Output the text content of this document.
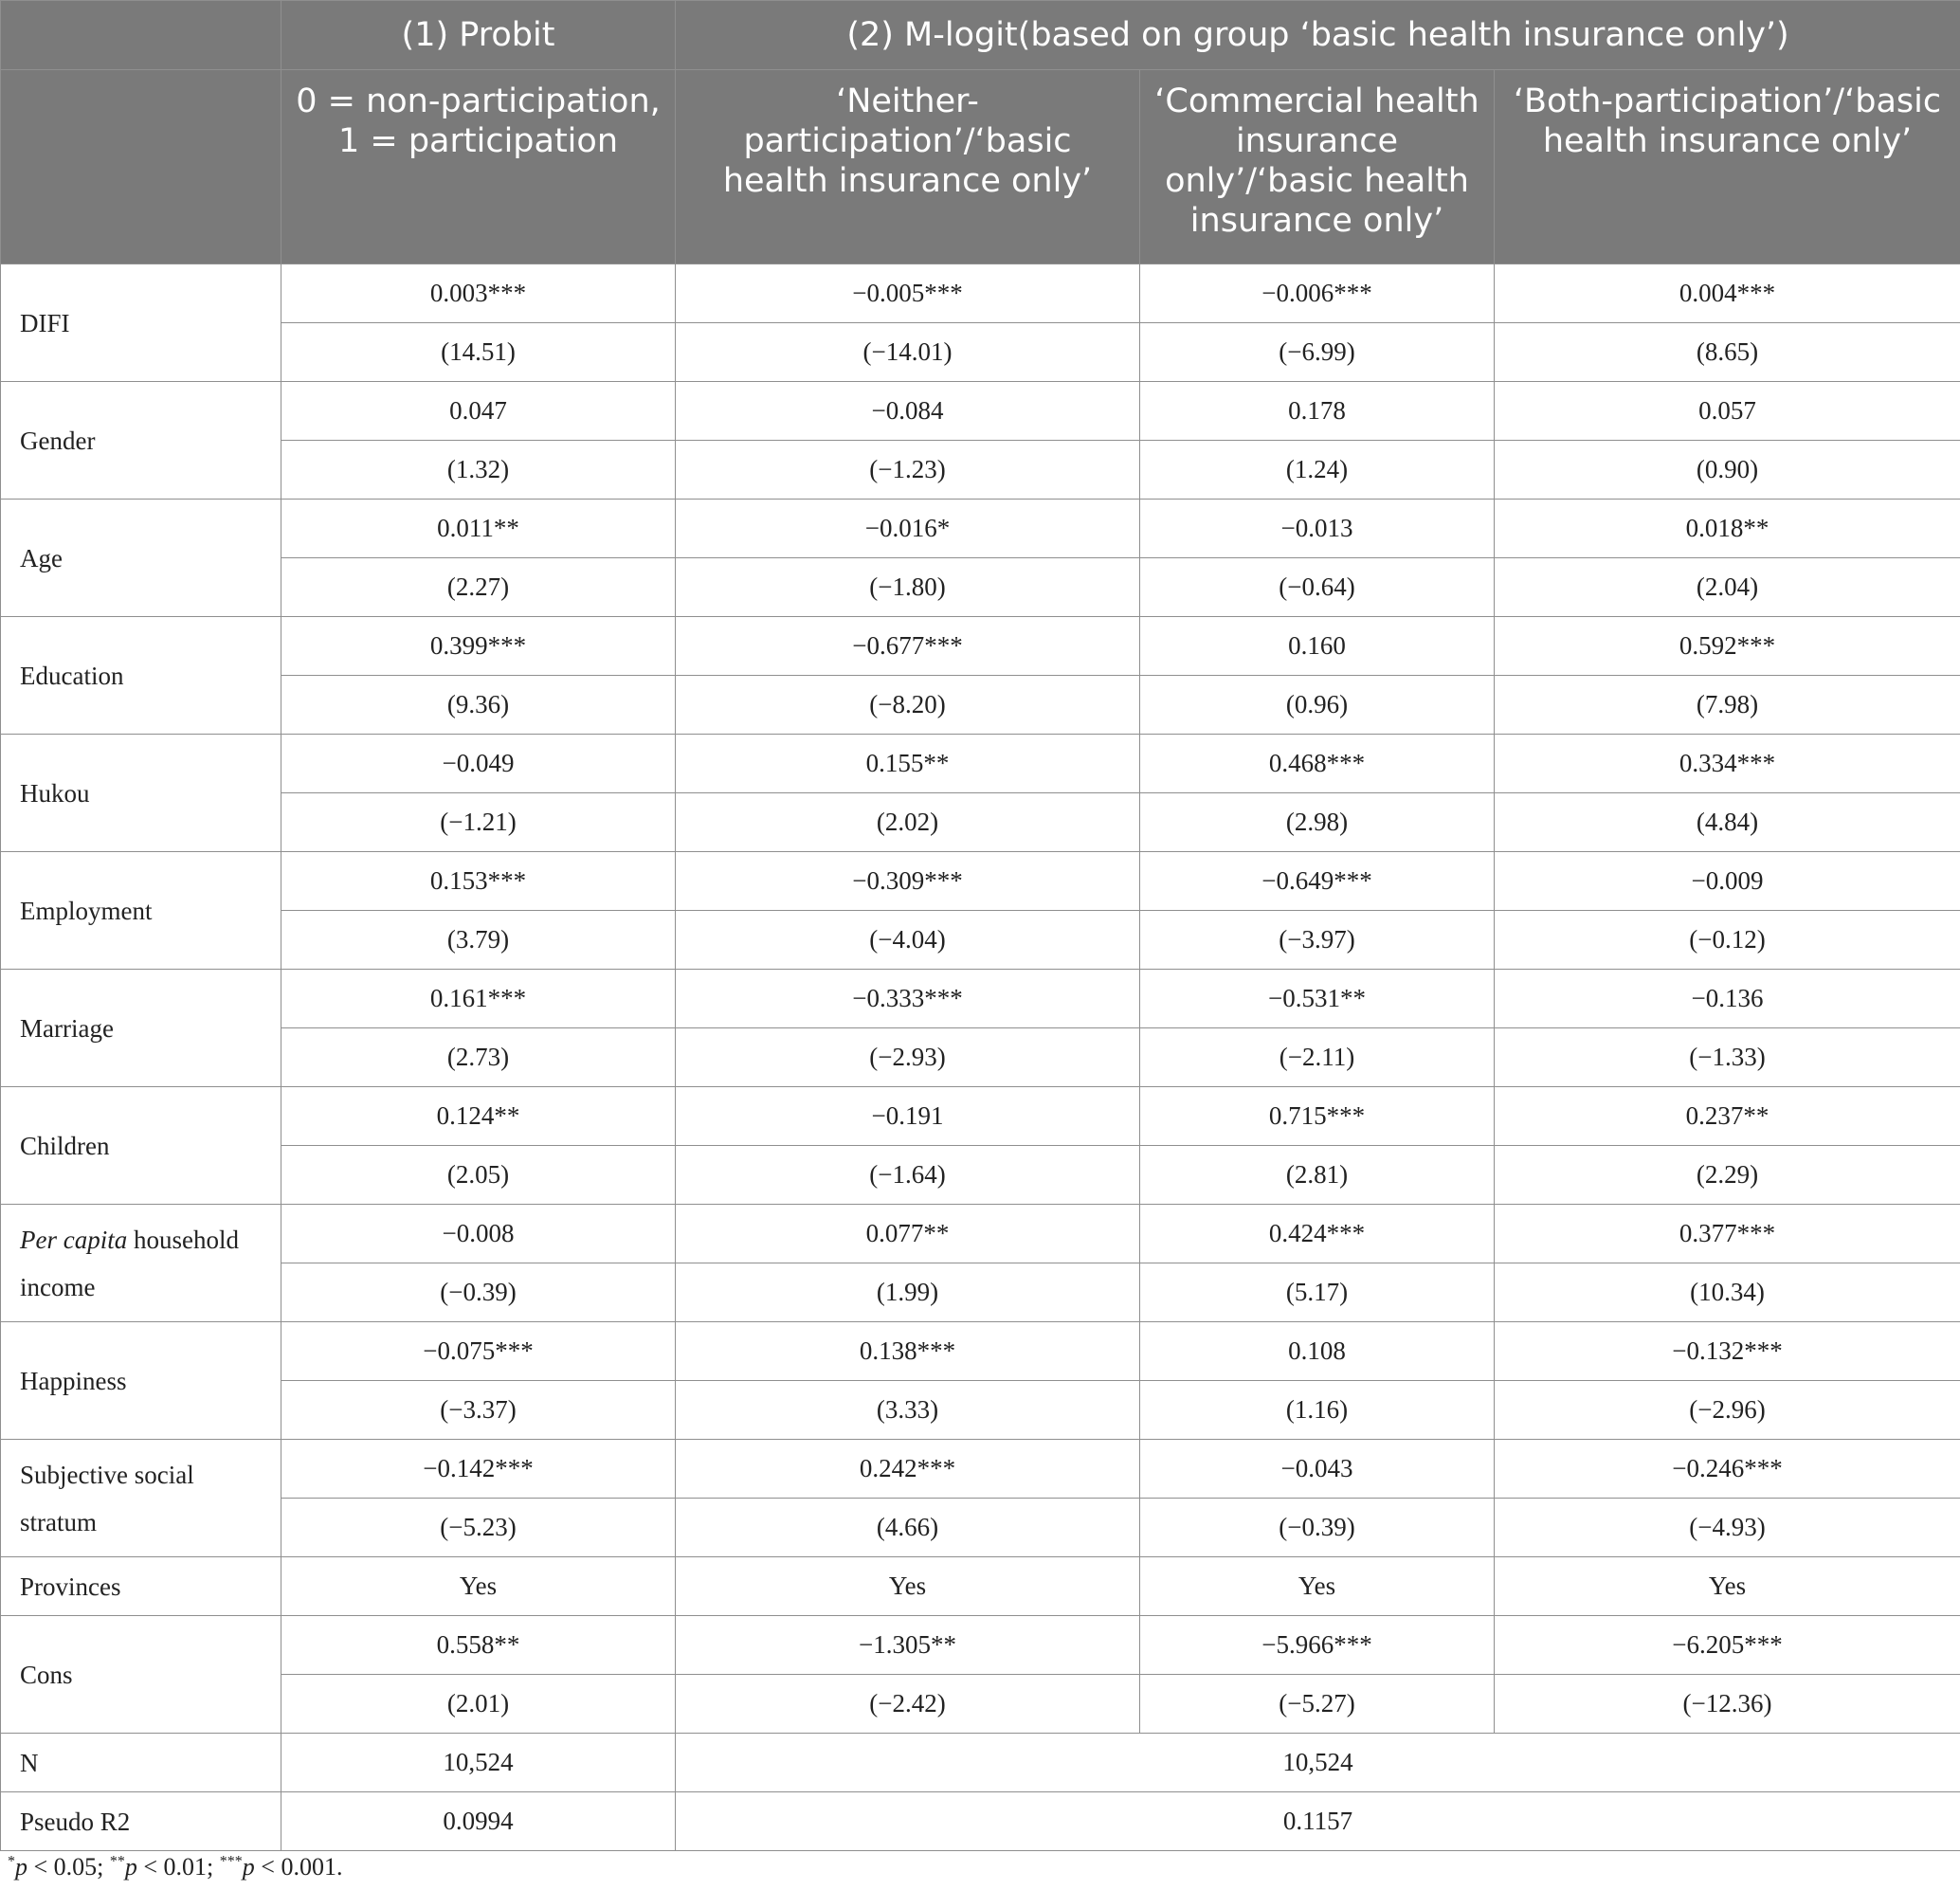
	(1) Probit	(2) M-logit(based on group ‘basic health insurance only’)		
	0 = non-participation, 1 = participation	‘Neither-participation’/‘basic health insurance only’	‘Commercial health insurance only’/‘basic health insurance only’	‘Both-participation’/‘basic health insurance only’
DIFI	0.003***	−0.005***	−0.006***	0.004***
	(14.51)	(−14.01)	(−6.99)	(8.65)
Gender	0.047	−0.084	0.178	0.057
	(1.32)	(−1.23)	(1.24)	(0.90)
Age	0.011**	−0.016*	−0.013	0.018**
	(2.27)	(−1.80)	(−0.64)	(2.04)
Education	0.399***	−0.677***	0.160	0.592***
	(9.36)	(−8.20)	(0.96)	(7.98)
Hukou	−0.049	0.155**	0.468***	0.334***
	(−1.21)	(2.02)	(2.98)	(4.84)
Employment	0.153***	−0.309***	−0.649***	−0.009
	(3.79)	(−4.04)	(−3.97)	(−0.12)
Marriage	0.161***	−0.333***	−0.531**	−0.136
	(2.73)	(−2.93)	(−2.11)	(−1.33)
Children	0.124**	−0.191	0.715***	0.237**
	(2.05)	(−1.64)	(2.81)	(2.29)
Per capita household income	−0.008	0.077**	0.424***	0.377***
	(−0.39)	(1.99)	(5.17)	(10.34)
Happiness	−0.075***	0.138***	0.108	−0.132***
	(−3.37)	(3.33)	(1.16)	(−2.96)
Subjective social stratum	−0.142***	0.242***	−0.043	−0.246***
	(−5.23)	(4.66)	(−0.39)	(−4.93)
Provinces	Yes	Yes	Yes	Yes
Cons	0.558**	−1.305**	−5.966***	−6.205***
	(2.01)	(−2.42)	(−5.27)	(−12.36)
N	10,524	10,524		
Pseudo R2	0.0994	0.1157		
*p < 0.05; **p < 0.01; ***p < 0.001.
